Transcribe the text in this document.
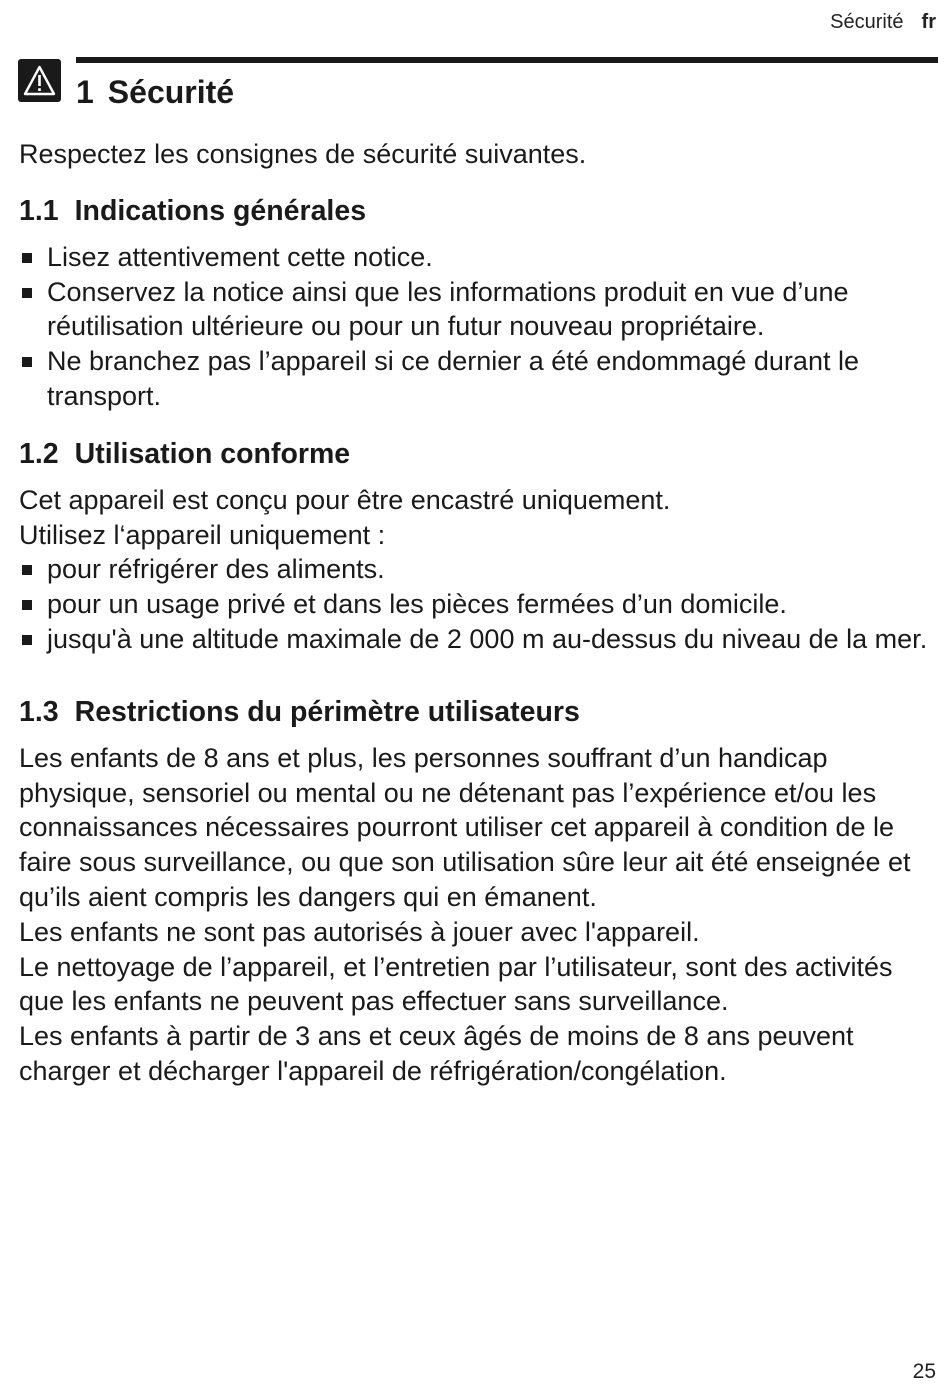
Sécurité fr
1 Sécurité

Respectez les consignes de sécurité suivantes.

1.1 Indications générales
Lisez attentivement cette notice.
Conservez la notice ainsi que les informations produit en vue d’une réutilisation ultérieure ou pour un futur nouveau propriétaire.
Ne branchez pas l’appareil si ce dernier a été endommagé durant le transport.
1.2 Utilisation conforme

Cet appareil est conçu pour être encastré uniquement.

Utilisez l‘appareil uniquement :

pour réfrigérer des aliments.
pour un usage privé et dans les pièces fermées d’un domicile.
jusqu'à une altitude maximale de 2 000 m au-dessus du niveau de la mer.
1.3 Restrictions du périmètre utilisateurs

Les enfants de 8 ans et plus, les personnes souffrant d’un handicap physique, sensoriel ou mental ou ne détenant pas l’expérience et/ou les connaissances nécessaires pourront utiliser cet appareil à condition de le faire sous surveillance, ou que son utilisation sûre leur ait été enseignée et qu’ils aient compris les dangers qui en émanent.

Les enfants ne sont pas autorisés à jouer avec l'appareil.

Le nettoyage de l’appareil, et l’entretien par l’utilisateur, sont des activités que les enfants ne peuvent pas effectuer sans surveillance.

Les enfants à partir de 3 ans et ceux âgés de moins de 8 ans peuvent charger et décharger l'appareil de réfrigération/congélation.

25
